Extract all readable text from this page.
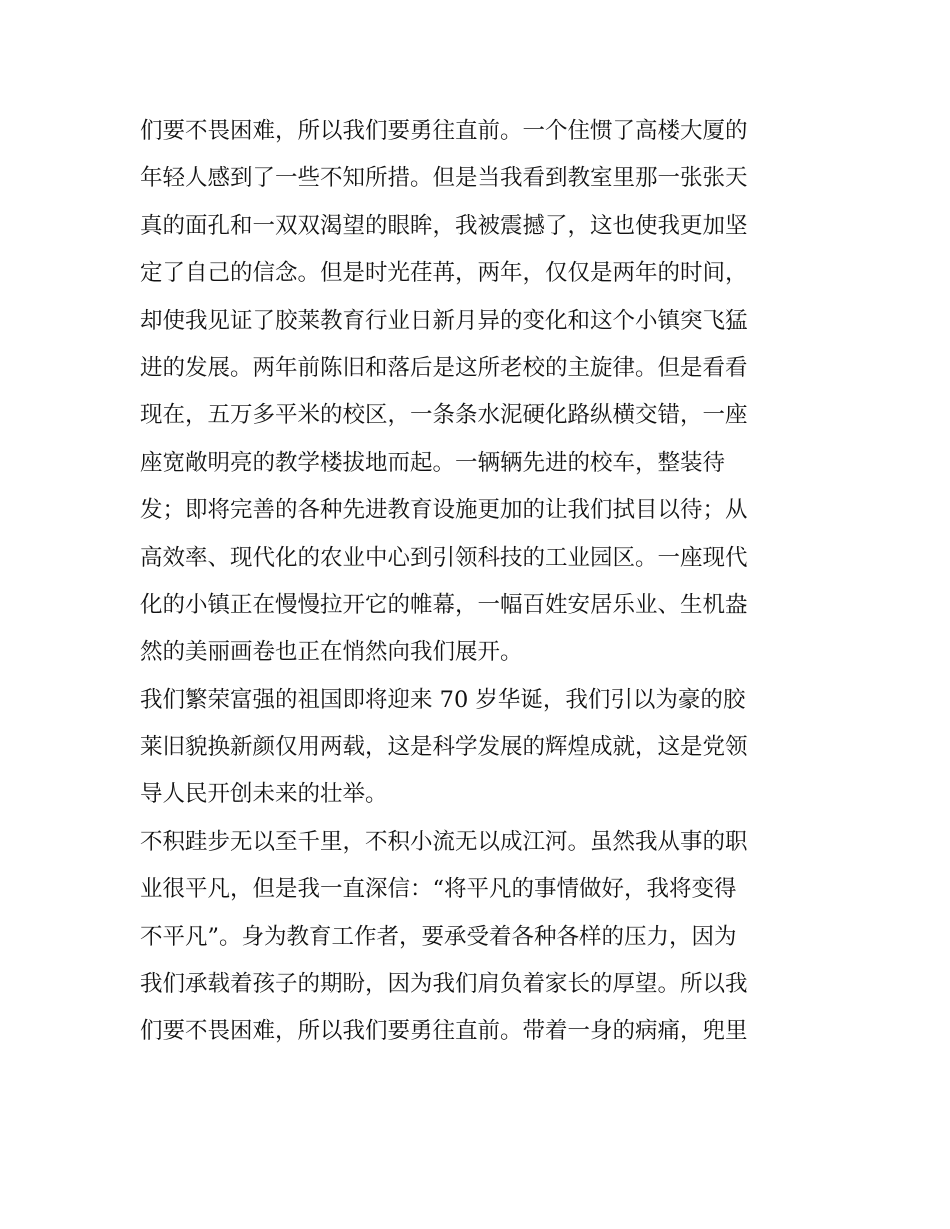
们要不畏困难，所以我们要勇往直前。一个住惯了高楼大厦的
年轻人感到了一些不知所措。但是当我看到教室里那一张张天
真的面孔和一双双渴望的眼眸，我被震撼了，这也使我更加坚
定了自己的信念。但是时光荏苒，两年，仅仅是两年的时间，
却使我见证了胶莱教育行业日新月异的变化和这个小镇突飞猛
进的发展。两年前陈旧和落后是这所老校的主旋律。但是看看
现在，五万多平米的校区，一条条水泥硬化路纵横交错，一座
座宽敞明亮的教学楼拔地而起。一辆辆先进的校车，整装待
发；即将完善的各种先进教育设施更加的让我们拭目以待；从
高效率、现代化的农业中心到引领科技的工业园区。一座现代
化的小镇正在慢慢拉开它的帷幕，一幅百姓安居乐业、生机盎
然的美丽画卷也正在悄然向我们展开。
我们繁荣富强的祖国即将迎来 70 岁华诞，我们引以为豪的胶
莱旧貌换新颜仅用两载，这是科学发展的辉煌成就，这是党领
导人民开创未来的壮举。
不积跬步无以至千里，不积小流无以成江河。虽然我从事的职
业很平凡，但是我一直深信：“将平凡的事情做好，我将变得
不平凡”。身为教育工作者，要承受着各种各样的压力，因为
我们承载着孩子的期盼，因为我们肩负着家长的厚望。所以我
们要不畏困难，所以我们要勇往直前。带着一身的病痛，兜里
